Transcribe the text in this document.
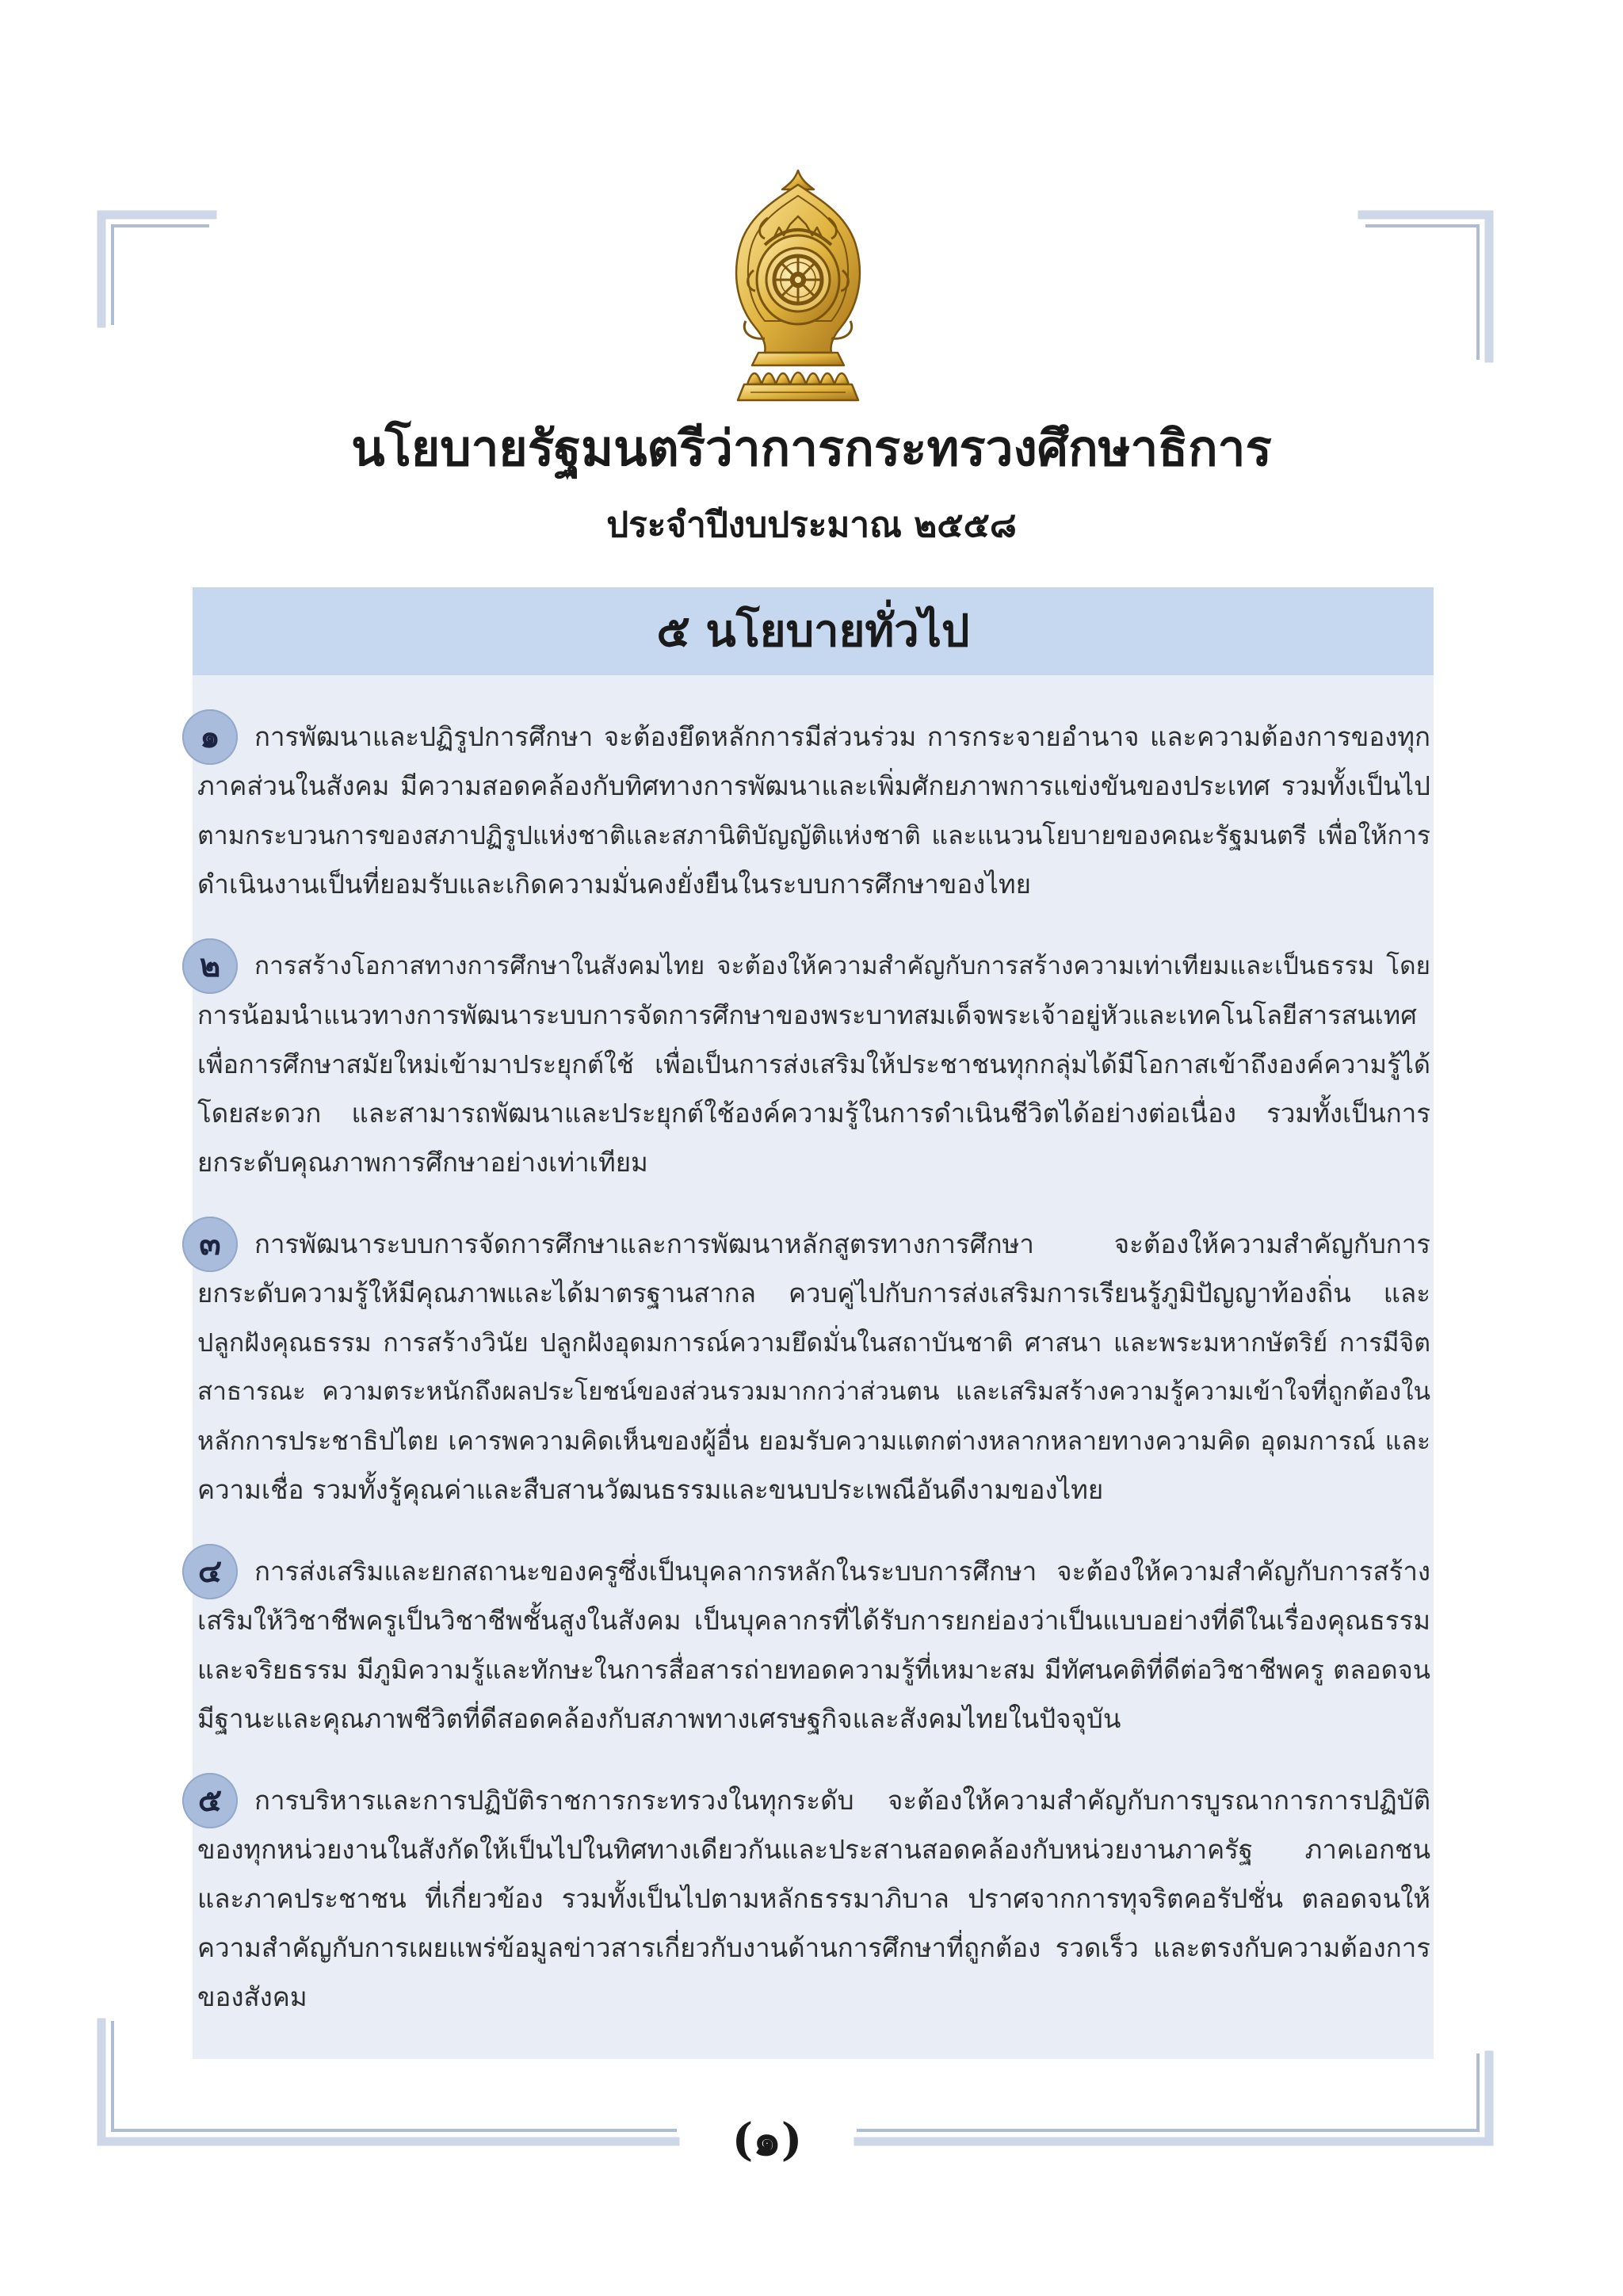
นโยบายรัฐมนตรีว่าการกระทรวงศึกษาธิการ
ประจำปีงบประมาณ ๒๕๕๘
๕ นโยบายทั่วไป
๑	การพัฒนาและปฏิรูปการศึกษา จะต้องยึดหลักการมีส่วนร่วม การกระจายอำนาจ และความต้องการของทุก
ภาคส่วนในสังคม มีความสอดคล้องกับทิศทางการพัฒนาและเพิ่มศักยภาพการแข่งขันของประเทศ รวมทั้งเป็นไป
ตามกระบวนการของสภาปฏิรูปแห่งชาติและสภานิติบัญญัติแห่งชาติ และแนวนโยบายของคณะรัฐมนตรี เพื่อให้การ
ดำเนินงานเป็นที่ยอมรับและเกิดความมั่นคงยั่งยืนในระบบการศึกษาของไทย
๒	การสร้างโอกาสทางการศึกษาในสังคมไทย จะต้องให้ความสำคัญกับการสร้างความเท่าเทียมและเป็นธรรม โดย
การน้อมนำแนวทางการพัฒนาระบบการจัดการศึกษาของพระบาทสมเด็จพระเจ้าอยู่หัวและเทคโนโลยีสารสนเทศ
เพื่อการศึกษาสมัยใหม่เข้ามาประยุกต์ใช้ เพื่อเป็นการส่งเสริมให้ประชาชนทุกกลุ่มได้มีโอกาสเข้าถึงองค์ความรู้ได้
โดยสะดวก และสามารถพัฒนาและประยุกต์ใช้องค์ความรู้ในการดำเนินชีวิตได้อย่างต่อเนื่อง รวมทั้งเป็นการ
ยกระดับคุณภาพการศึกษาอย่างเท่าเทียม
๓	การพัฒนาระบบการจัดการศึกษาและการพัฒนาหลักสูตรทางการศึกษา จะต้องให้ความสำคัญกับการ
ยกระดับความรู้ให้มีคุณภาพและได้มาตรฐานสากล ควบคู่ไปกับการส่งเสริมการเรียนรู้ภูมิปัญญาท้องถิ่น และ
ปลูกฝังคุณธรรม การสร้างวินัย ปลูกฝังอุดมการณ์ความยึดมั่นในสถาบันชาติ ศาสนา และพระมหากษัตริย์ การมีจิต
สาธารณะ ความตระหนักถึงผลประโยชน์ของส่วนรวมมากกว่าส่วนตน และเสริมสร้างความรู้ความเข้าใจที่ถูกต้องใน
หลักการประชาธิปไตย เคารพความคิดเห็นของผู้อื่น ยอมรับความแตกต่างหลากหลายทางความคิด อุดมการณ์ และ
ความเชื่อ รวมทั้งรู้คุณค่าและสืบสานวัฒนธรรมและขนบประเพณีอันดีงามของไทย
๔	การส่งเสริมและยกสถานะของครูซึ่งเป็นบุคลากรหลักในระบบการศึกษา จะต้องให้ความสำคัญกับการสร้าง
เสริมให้วิชาชีพครูเป็นวิชาชีพชั้นสูงในสังคม เป็นบุคลากรที่ได้รับการยกย่องว่าเป็นแบบอย่างที่ดีในเรื่องคุณธรรม
และจริยธรรม มีภูมิความรู้และทักษะในการสื่อสารถ่ายทอดความรู้ที่เหมาะสม มีทัศนคติที่ดีต่อวิชาชีพครู ตลอดจน
มีฐานะและคุณภาพชีวิตที่ดีสอดคล้องกับสภาพทางเศรษฐกิจและสังคมไทยในปัจจุบัน
๕	การบริหารและการปฏิบัติราชการกระทรวงในทุกระดับ จะต้องให้ความสำคัญกับการบูรณาการการปฏิบัติ
ของทุกหน่วยงานในสังกัดให้เป็นไปในทิศทางเดียวกันและประสานสอดคล้องกับหน่วยงานภาครัฐ ภาคเอกชน
และภาคประชาชน ที่เกี่ยวข้อง รวมทั้งเป็นไปตามหลักธรรมาภิบาล ปราศจากการทุจริตคอรัปชั่น ตลอดจนให้
ความสำคัญกับการเผยแพร่ข้อมูลข่าวสารเกี่ยวกับงานด้านการศึกษาที่ถูกต้อง รวดเร็ว และตรงกับความต้องการ
ของสังคม
(๑)
